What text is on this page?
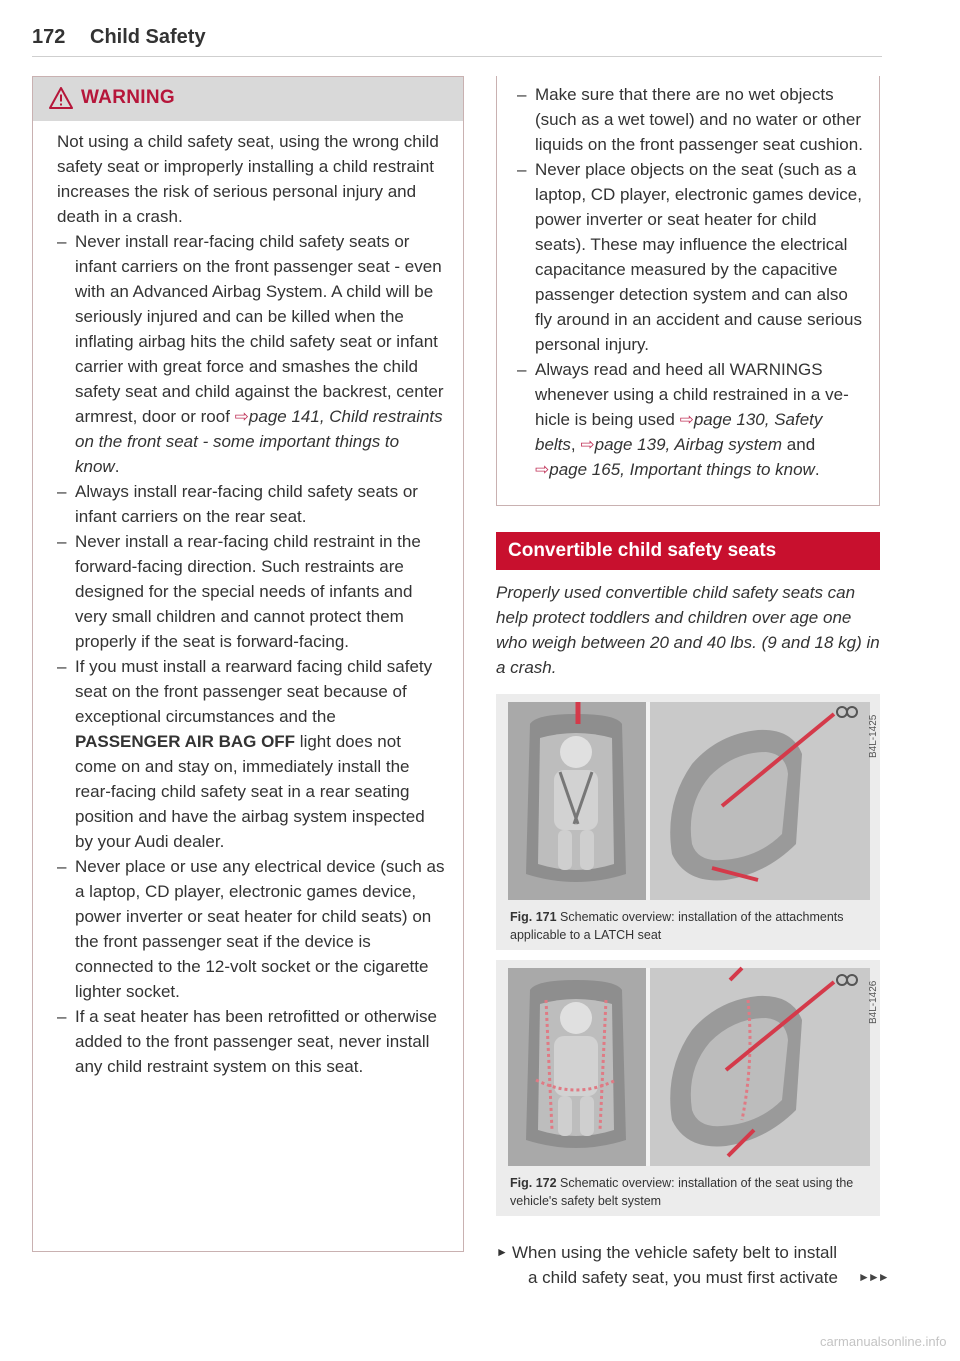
172 Child Safety
WARNING

Not using a child safety seat, using the wrong child safety seat or improperly installing a child restraint increases the risk of serious personal injury and death in a crash.

– Never install rear-facing child safety seats or infant carriers on the front passenger seat - even with an Advanced Airbag System. A child will be seriously injured and can be killed when the inflating airbag hits the child safety seat or infant carrier with great force and smashes the child safety seat and child against the backrest, center armrest, door or roof ⇨page 141, Child restraints on the front seat - some important things to know.
– Always install rear-facing child safety seats or infant carriers on the rear seat.
– Never install a rear-facing child restraint in the forward-facing direction. Such restraints are designed for the special needs of infants and very small children and cannot protect them properly if the seat is forward-facing.
– If you must install a rearward facing child safety seat on the front passenger seat because of exceptional circumstances and the PASSENGER AIR BAG OFF light does not come on and stay on, immediately install the rear-facing child safety seat in a rear seating position and have the airbag system inspected by your Audi dealer.
– Never place or use any electrical device (such as a laptop, CD player, electronic games device, power inverter or seat heater for child seats) on the front passenger seat if the device is connected to the 12-volt socket or the cigarette lighter socket.
– If a seat heater has been retrofitted or otherwise added to the front passenger seat, never install any child restraint system on this seat.
– Make sure that there are no wet objects (such as a wet towel) and no water or other liquids on the front passenger seat cushion.
– Never place objects on the seat (such as a laptop, CD player, electronic games device, power inverter or seat heater for child seats). These may influence the electrical capacitance measured by the capacitive passenger detection system and can also fly around in an accident and cause serious personal injury.
– Always read and heed all WARNINGS whenever using a child restrained in a vehicle is being used ⇨page 130, Safety belts, ⇨page 139, Airbag system and ⇨page 165, Important things to know.
Convertible child safety seats

Properly used convertible child safety seats can help protect toddlers and children over age one who weigh between 20 and 40 lbs. (9 and 18 kg) in a crash.

B4L-1425
Fig. 171 Schematic overview: installation of the attachments applicable to a LATCH seat
B4L-1426
Fig. 172 Schematic overview: installation of the seat using the vehicle's safety belt system
► When using the vehicle safety belt to install
a child safety seat, you must first activate	►►►
carmanualsonline.info
